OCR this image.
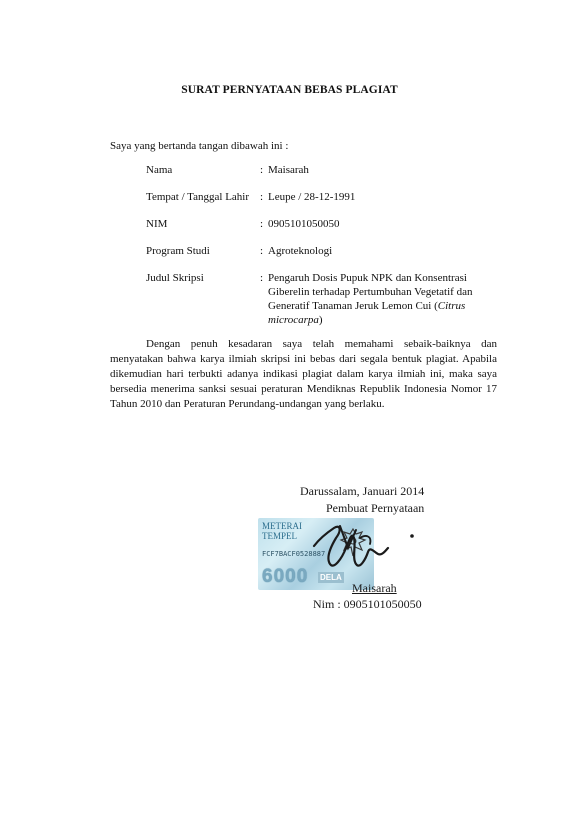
SURAT PERNYATAAN BEBAS PLAGIAT
Saya yang bertanda tangan dibawah ini :
Nama	: Maisarah
Tempat / Tanggal Lahir : Leupe / 28-12-1991
NIM	: 0905101050050
Program Studi	: Agroteknologi
Judul Skripsi	: Pengaruh Dosis Pupuk NPK dan Konsentrasi Giberelin terhadap Pertumbuhan Vegetatif dan Generatif Tanaman Jeruk Lemon Cui (Citrus microcarpa)
Dengan penuh kesadaran saya telah memahami sebaik-baiknya dan menyatakan bahwa karya ilmiah skripsi ini bebas dari segala bentuk plagiat. Apabila dikemudian hari terbukti adanya indikasi plagiat dalam karya ilmiah ini, maka saya bersedia menerima sanksi sesuai peraturan Mendiknas Republik Indonesia Nomor 17 Tahun 2010 dan Peraturan Perundang-undangan yang berlaku.
Darussalam, Januari 2014
Pembuat Pernyataan
METERAI
TEMPEL
FCF7BACF0528887
6000 DELA
Maisarah
Nim : 0905101050050
